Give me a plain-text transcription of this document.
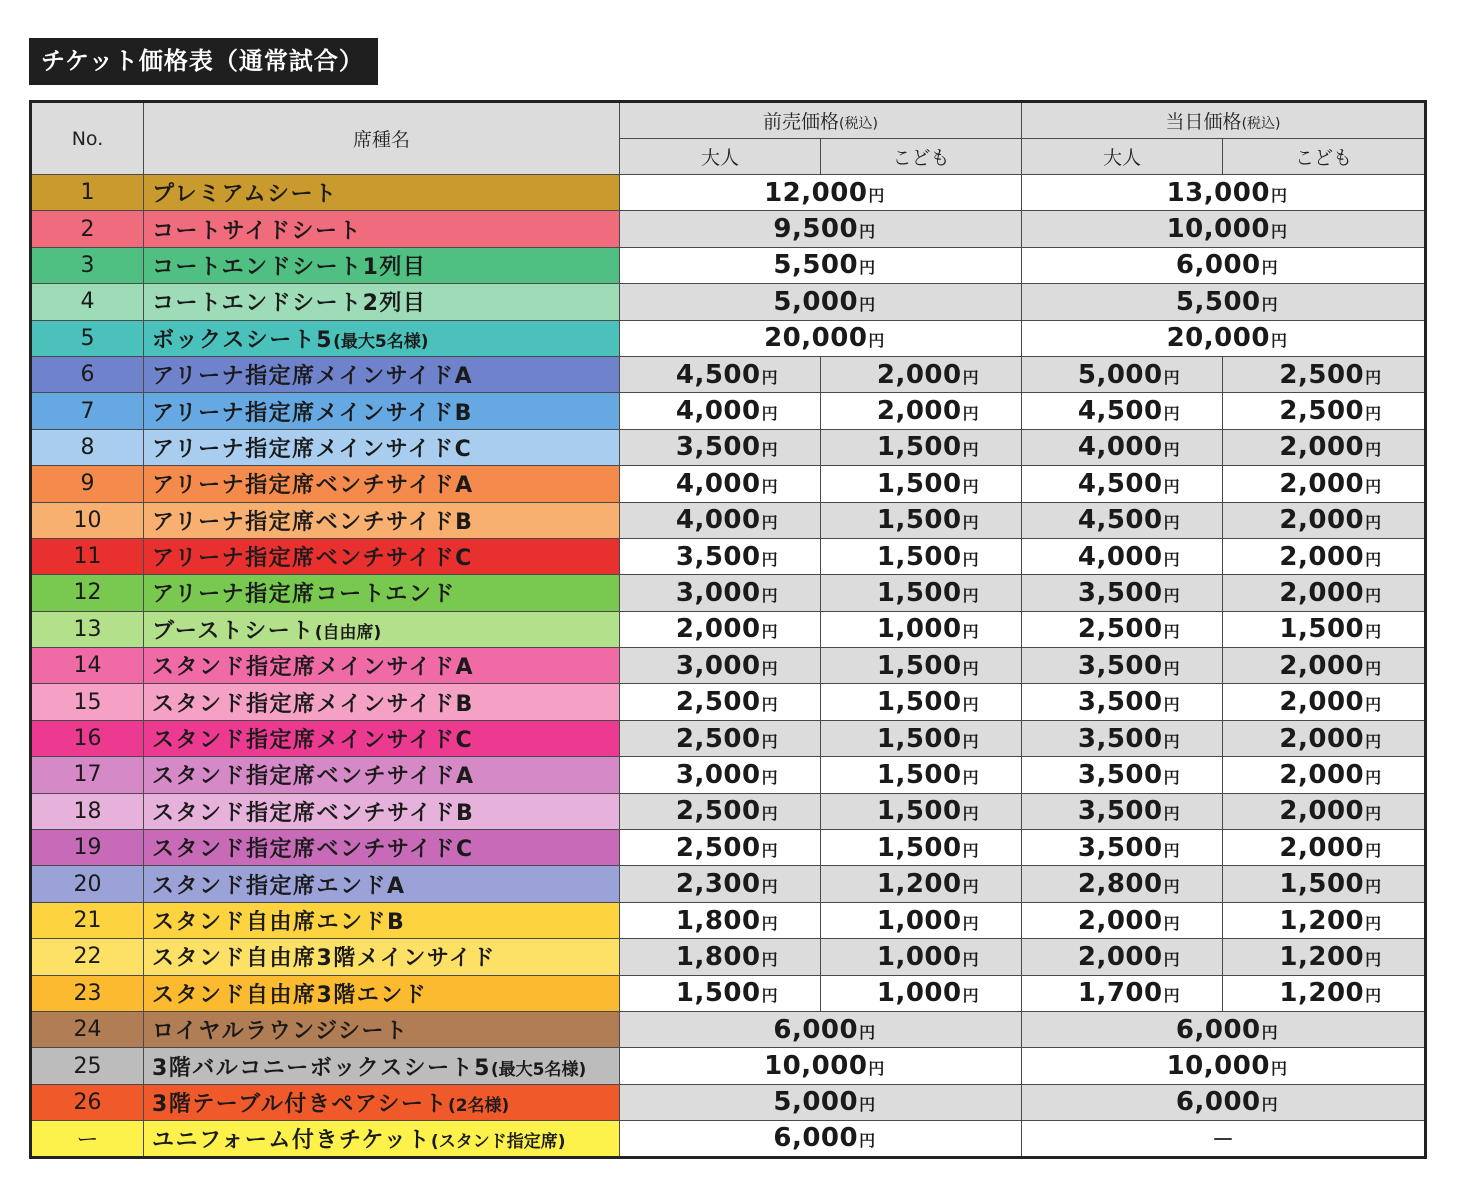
チケット価格表（通常試合）
No.	席種名	前売価格(税込)		当日価格(税込)	
		大人	こども	大人	こども
1	プレミアムシート	12,000円		13,000円	
2	コートサイドシート	9,500円		10,000円	
3	コートエンドシート1列目	5,500円		6,000円	
4	コートエンドシート2列目	5,000円		5,500円	
5	ボックスシート5(最大5名様)	20,000円		20,000円	
6	アリーナ指定席メインサイドA	4,500円	2,000円	5,000円	2,500円
7	アリーナ指定席メインサイドB	4,000円	2,000円	4,500円	2,500円
8	アリーナ指定席メインサイドC	3,500円	1,500円	4,000円	2,000円
9	アリーナ指定席ベンチサイドA	4,000円	1,500円	4,500円	2,000円
10	アリーナ指定席ベンチサイドB	4,000円	1,500円	4,500円	2,000円
11	アリーナ指定席ベンチサイドC	3,500円	1,500円	4,000円	2,000円
12	アリーナ指定席コートエンド	3,000円	1,500円	3,500円	2,000円
13	ブーストシート(自由席)	2,000円	1,000円	2,500円	1,500円
14	スタンド指定席メインサイドA	3,000円	1,500円	3,500円	2,000円
15	スタンド指定席メインサイドB	2,500円	1,500円	3,500円	2,000円
16	スタンド指定席メインサイドC	2,500円	1,500円	3,500円	2,000円
17	スタンド指定席ベンチサイドA	3,000円	1,500円	3,500円	2,000円
18	スタンド指定席ベンチサイドB	2,500円	1,500円	3,500円	2,000円
19	スタンド指定席ベンチサイドC	2,500円	1,500円	3,500円	2,000円
20	スタンド指定席エンドA	2,300円	1,200円	2,800円	1,500円
21	スタンド自由席エンドB	1,800円	1,000円	2,000円	1,200円
22	スタンド自由席3階メインサイド	1,800円	1,000円	2,000円	1,200円
23	スタンド自由席3階エンド	1,500円	1,000円	1,700円	1,200円
24	ロイヤルラウンジシート	6,000円		6,000円	
25	3階バルコニーボックスシート5(最大5名様)	10,000円		10,000円	
26	3階テーブル付きペアシート(2名様)	5,000円		6,000円	
ー	ユニフォーム付きチケット(スタンド指定席)	6,000円		－	
